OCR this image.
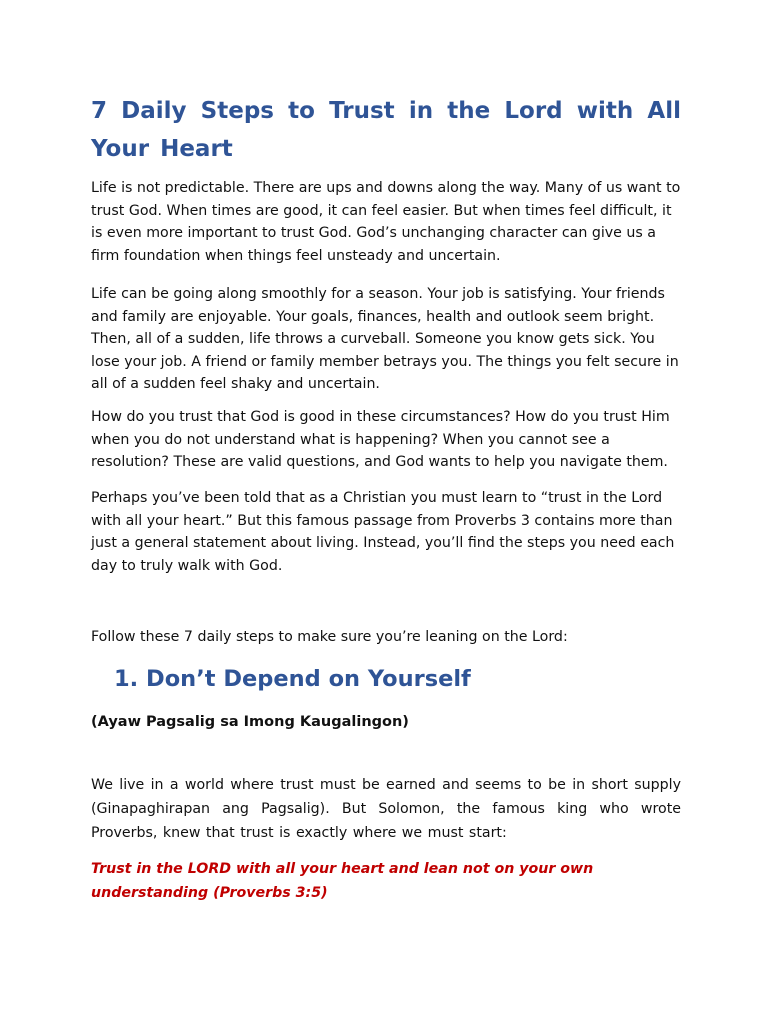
7 Daily Steps to Trust in the Lord with All Your Heart

Life is not predictable. There are ups and downs along the way. Many of us want to trust God. When times are good, it can feel easier. But when times feel difficult, it is even more important to trust God. God’s unchanging character can give us a firm foundation when things feel unsteady and uncertain.

Life can be going along smoothly for a season. Your job is satisfying. Your friends and family are enjoyable. Your goals, finances, health and outlook seem bright. Then, all of a sudden, life throws a curveball. Someone you know gets sick. You lose your job. A friend or family member betrays you. The things you felt secure in all of a sudden feel shaky and uncertain.

How do you trust that God is good in these circumstances? How do you trust Him when you do not understand what is happening? When you cannot see a resolution? These are valid questions, and God wants to help you navigate them.

Perhaps you’ve been told that as a Christian you must learn to “trust in the Lord with all your heart.” But this famous passage from Proverbs 3 contains more than just a general statement about living. Instead, you’ll find the steps you need each day to truly walk with God.

Follow these 7 daily steps to make sure you’re leaning on the Lord:

1. Don’t Depend on Yourself

(Ayaw Pagsalig sa Imong Kaugalingon)

We live in a world where trust must be earned and seems to be in short supply (Ginapaghirapan ang Pagsalig). But Solomon, the famous king who wrote Proverbs, knew that trust is exactly where we must start:

Trust in the LORD with all your heart and lean not on your own understanding (Proverbs 3:5)
